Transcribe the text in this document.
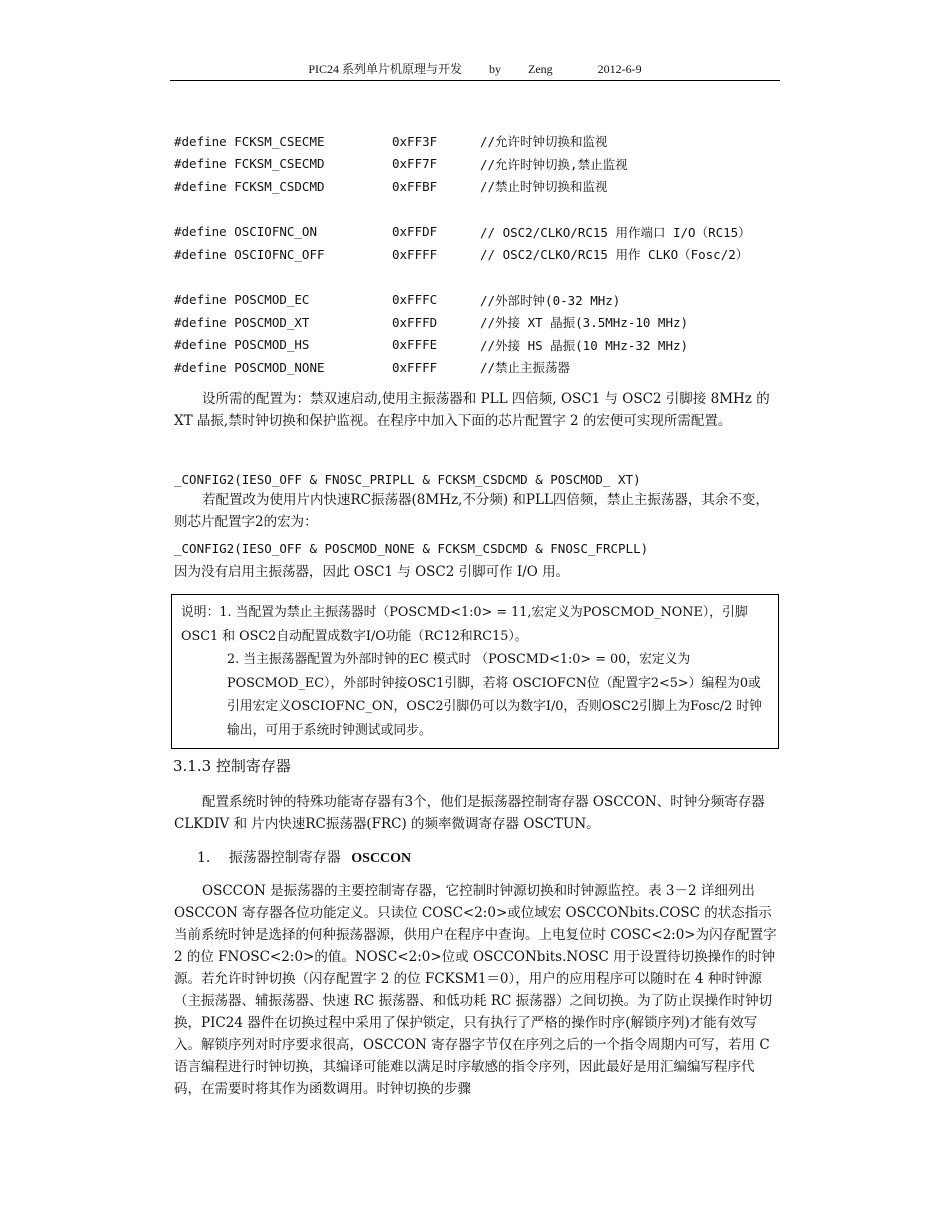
PIC24 系列单片机原理与开发 by Zeng	2012-6-9
#define FCKSM_CSECME	0xFF3F	//允许时钟切换和监视
#define FCKSM_CSECMD	0xFF7F	//允许时钟切换,禁止监视
#define FCKSM_CSDCMD	0xFFBF	//禁止时钟切换和监视
#define OSCIOFNC_ON	0xFFDF	// OSC2/CLKO/RC15 用作端口 I/O（RC15）
#define OSCIOFNC_OFF	0xFFFF	// OSC2/CLKO/RC15 用作 CLKO（Fosc/2）
#define POSCMOD_EC	0xFFFC	//外部时钟(0-32 MHz)
#define POSCMOD_XT	0xFFFD	//外接 XT 晶振(3.5MHz-10 MHz)
#define POSCMOD_HS	0xFFFE	//外接 HS 晶振(10 MHz-32 MHz)
#define POSCMOD_NONE	0xFFFF	//禁止主振荡器

设所需的配置为：禁双速启动,使用主振荡器和 PLL 四倍频, OSC1 与 OSC2 引脚接 8MHz 的 XT 晶振,禁时钟切换和保护监视。在程序中加入下面的芯片配置字 2 的宏便可实现所需配置。

_CONFIG2(IESO_OFF & FNOSC_PRIPLL & FCKSM_CSDCMD & POSCMOD_ XT)

若配置改为使用片内快速RC振荡器(8MHz,不分频) 和PLL四倍频，禁止主振荡器，其余不变，则芯片配置字2的宏为：

_CONFIG2(IESO_OFF & POSCMOD_NONE & FCKSM_CSDCMD & FNOSC_FRCPLL)

因为没有启用主振荡器，因此 OSC1 与 OSC2 引脚可作 I/O 用。

说明：1. 当配置为禁止主振荡器时（POSCMD<1:0> = 11,宏定义为POSCMOD_NONE），引脚 OSC1 和 OSC2自动配置成数字I/O功能（RC12和RC15）。
2. 当主振荡器配置为外部时钟的EC 模式时 （POSCMD<1:0> = 00，宏定义为POSCMOD_EC），外部时钟接OSC1引脚，若将 OSCIOFCN位（配置字2<5>）编程为0或引用宏定义OSCIOFNC_ON，OSC2引脚仍可以为数字I/0，否则OSC2引脚上为Fosc/2 时钟输出，可用于系统时钟测试或同步。
3.1.3 控制寄存器

配置系统时钟的特殊功能寄存器有3个，他们是振荡器控制寄存器 OSCCON、时钟分频寄存器 CLKDIV 和 片内快速RC振荡器(FRC) 的频率微调寄存器 OSCTUN。

1. 振荡器控制寄存器 OSCCON

OSCCON 是振荡器的主要控制寄存器，它控制时钟源切换和时钟源监控。表 3－2 详细列出 OSCCON 寄存器各位功能定义。只读位 COSC<2:0>或位域宏 OSCCONbits.COSC 的状态指示当前系统时钟是选择的何种振荡器源，供用户在程序中查询。上电复位时 COSC<2:0>为闪存配置字 2 的位 FNOSC<2:0>的值。NOSC<2:0>位或 OSCCONbits.NOSC 用于设置待切换操作的时钟源。若允许时钟切换（闪存配置字 2 的位 FCKSM1＝0），用户的应用程序可以随时在 4 种时钟源（主振荡器、辅振荡器、快速 RC 振荡器、和低功耗 RC 振荡器）之间切换。为了防止误操作时钟切换，PIC24 器件在切换过程中采用了保护锁定，只有执行了严格的操作时序(解锁序列)才能有效写入。解锁序列对时序要求很高，OSCCON 寄存器字节仅在序列之后的一个指令周期内可写，若用 C 语言编程进行时钟切换，其编译可能难以满足时序敏感的指令序列，因此最好是用汇编编写程序代码，在需要时将其作为函数调用。时钟切换的步骤
